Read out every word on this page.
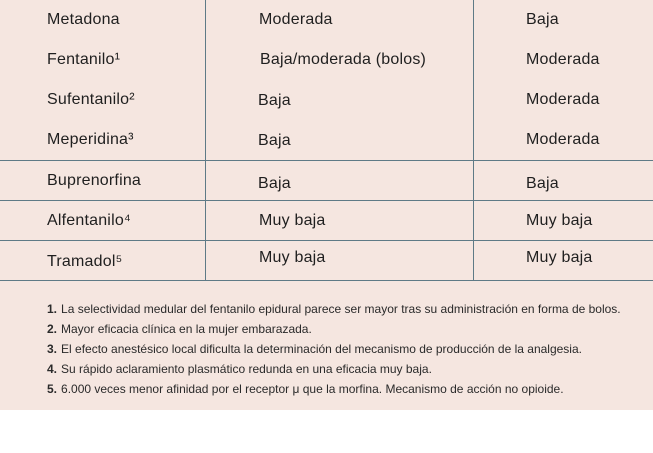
Metadona	Moderada	Baja
Fentanilo¹	Baja/moderada (bolos)	Moderada
Sufentanilo²	Baja	Moderada
Meperidina³	Baja	Moderada
Buprenorfina	Baja	Baja
Alfentanilo⁴	Muy baja	Muy baja
Tramadol⁵	Muy baja	Muy baja
1. La selectividad medular del fentanilo epidural parece ser mayor tras su administración en forma de bolos.
2. Mayor eficacia clínica en la mujer embarazada.
3. El efecto anestésico local dificulta la determinación del mecanismo de producción de la analgesia.
4. Su rápido aclaramiento plasmático redunda en una eficacia muy baja.
5. 6.000 veces menor afinidad por el receptor μ que la morfina. Mecanismo de acción no opioide.
